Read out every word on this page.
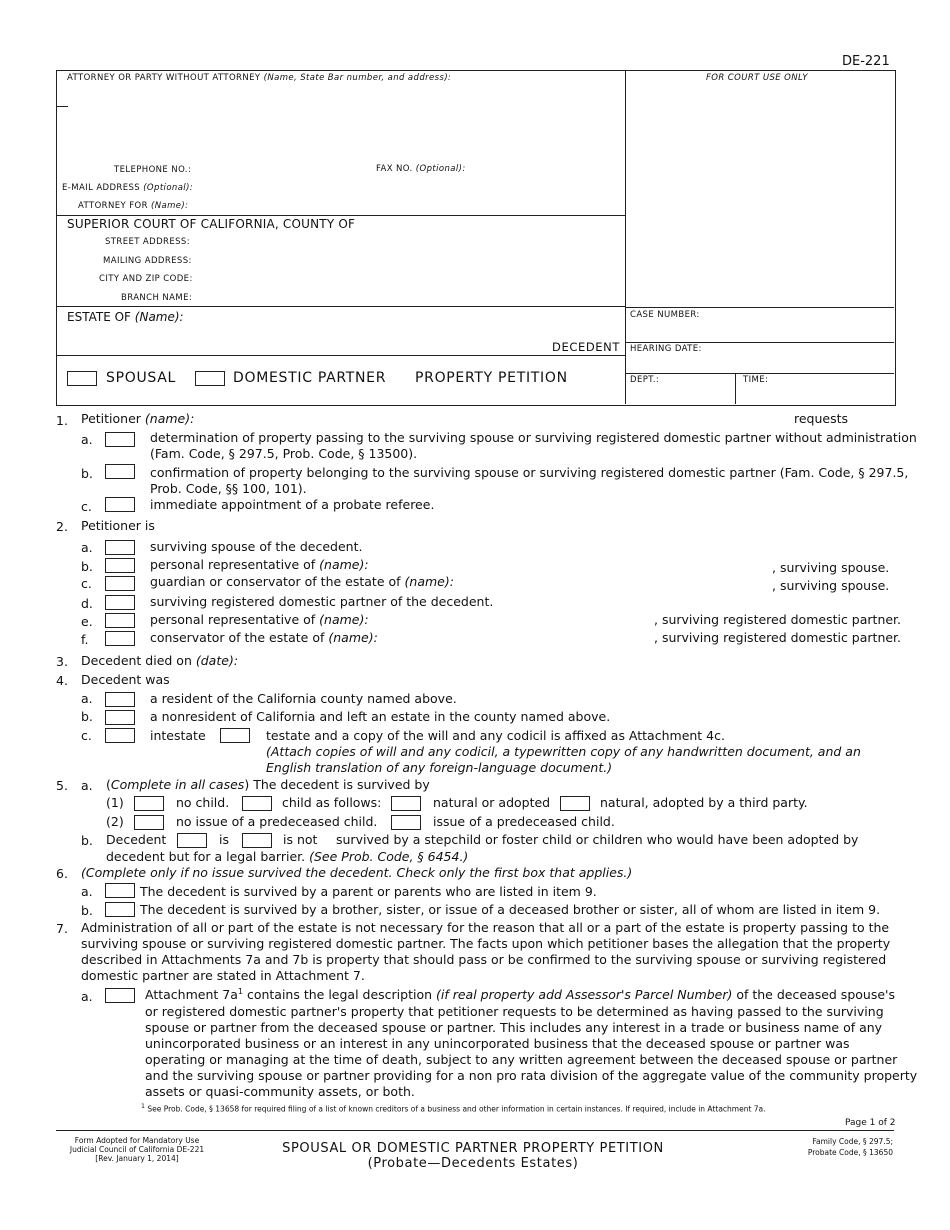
DE-221
ATTORNEY OR PARTY WITHOUT ATTORNEY (Name, State Bar number, and address):	FOR COURT USE ONLY
TELEPHONE NO.:	FAX NO. (Optional):
E-MAIL ADDRESS (Optional):
ATTORNEY FOR (Name):
SUPERIOR COURT OF CALIFORNIA, COUNTY OF
STREET ADDRESS:
MAILING ADDRESS:
CITY AND ZIP CODE:
BRANCH NAME:
ESTATE OF (Name):
DECEDENT
CASE NUMBER:
HEARING DATE:
DEPT.:	TIME:
SPOUSAL	DOMESTIC PARTNER PROPERTY PETITION
1. Petitioner (name):	requests
a.	determination of property passing to the surviving spouse or surviving registered domestic partner without administration
(Fam. Code, § 297.5, Prob. Code, § 13500).
b.	confirmation of property belonging to the surviving spouse or surviving registered domestic partner (Fam. Code, § 297.5,
Prob. Code, §§ 100, 101).
c.	immediate appointment of a probate referee.
2. Petitioner is
a.	surviving spouse of the decedent.
b.	personal representative of (name):	, surviving spouse.
c.	guardian or conservator of the estate of (name):	, surviving spouse.
d.	surviving registered domestic partner of the decedent.
e.	personal representative of (name):	, surviving registered domestic partner.
f.	conservator of the estate of (name):	, surviving registered domestic partner.
3. Decedent died on (date):
4. Decedent was
a.	a resident of the California county named above.
b.	a nonresident of California and left an estate in the county named above.
c.	intestate	testate and a copy of the will and any codicil is affixed as Attachment 4c.
(Attach copies of will and any codicil, a typewritten copy of any handwritten document, and an
English translation of any foreign-language document.)
5. a. (Complete in all cases) The decedent is survived by
(1)	no child.	child as follows:	natural or adopted	natural, adopted by a third party.
(2)	no issue of a predeceased child.	issue of a predeceased child.
b. Decedent	is	is not survived by a stepchild or foster child or children who would have been adopted by
decedent but for a legal barrier. (See Prob. Code, § 6454.)
6. (Complete only if no issue survived the decedent. Check only the first box that applies.)
a.	The decedent is survived by a parent or parents who are listed in item 9.
b.	The decedent is survived by a brother, sister, or issue of a deceased brother or sister, all of whom are listed in item 9.
7. Administration of all or part of the estate is not necessary for the reason that all or a part of the estate is property passing to the
surviving spouse or surviving registered domestic partner. The facts upon which petitioner bases the allegation that the property
described in Attachments 7a and 7b is property that should pass or be confirmed to the surviving spouse or surviving registered
domestic partner are stated in Attachment 7.
a.	Attachment $7a^1$ contains the legal description (if real property add Assessor's Parcel Number) of the deceased spouse's
or registered domestic partner's property that petitioner requests to be determined as having passed to the surviving
spouse or partner from the deceased spouse or partner. This includes any interest in a trade or business name of any
unincorporated business or an interest in any unincorporated business that the deceased spouse or partner was
operating or managing at the time of death, subject to any written agreement between the deceased spouse or partner
and the surviving spouse or partner providing for a non pro rata division of the aggregate value of the community property
assets or quasi-community assets, or both.
$^1$ See Prob. Code, § 13658 for required filing of a list of known creditors of a business and other information in certain instances. If required, include in Attachment 7a.
Page 1 of 2
Form Adopted for Mandatory Use
Judicial Council of California DE-221
[Rev. January 1, 2014]
SPOUSAL OR DOMESTIC PARTNER PROPERTY PETITION
(Probate—Decedents Estates)
Family Code, § 297.5;
Probate Code, § 13650
